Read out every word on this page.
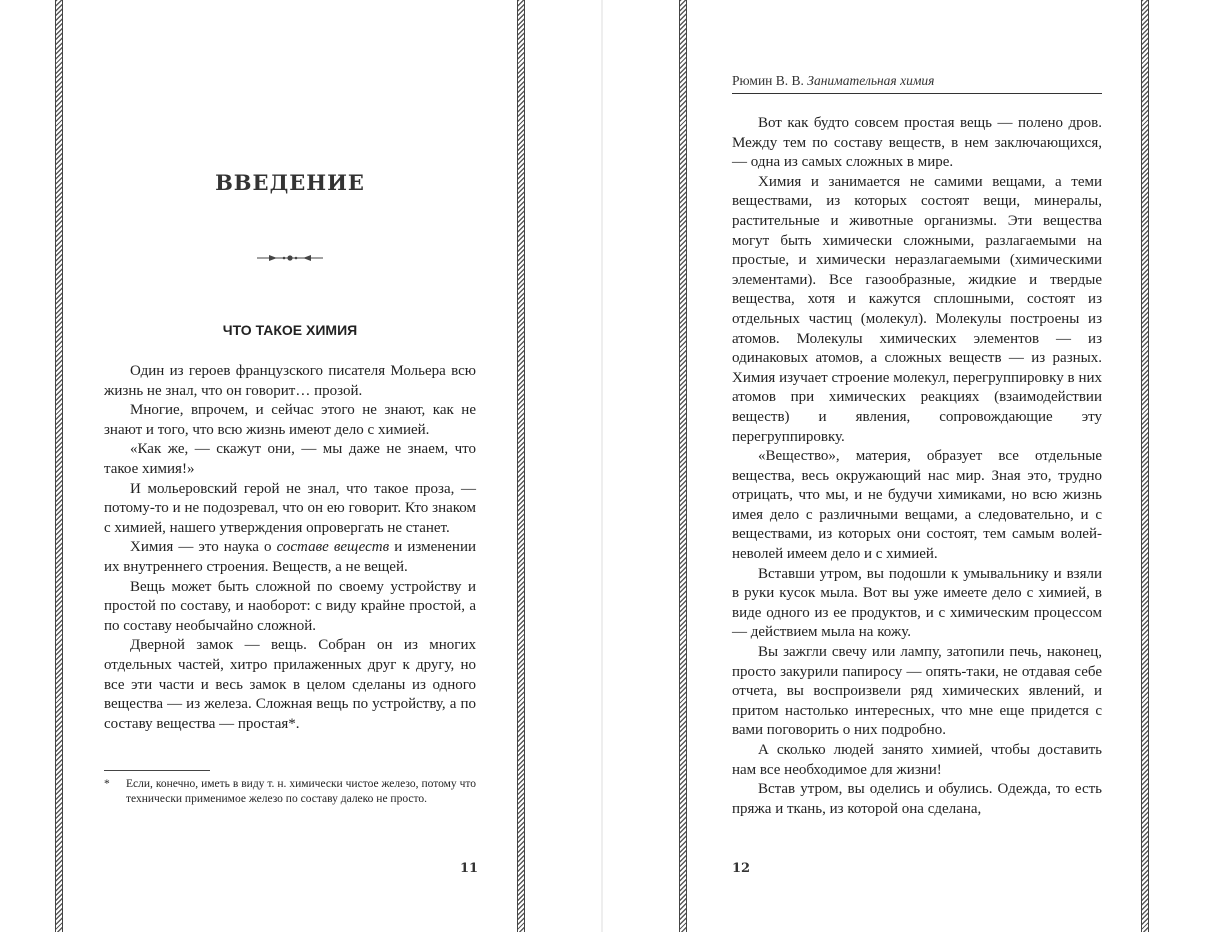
ВВЕДЕНИЕ
ЧТО ТАКОЕ ХИМИЯ

Один из героев французского писателя Мольера всю жизнь не знал, что он говорит… прозой.

Многие, впрочем, и сейчас этого не знают, как не знают и того, что всю жизнь имеют дело с химией.

«Как же, — скажут они, — мы даже не знаем, что такое химия!»

И мольеровский герой не знал, что такое проза, — потому-то и не подозревал, что он ею говорит. Кто знаком с химией, нашего утверждения опровергать не станет.

Химия — это наука о составе веществ и изменении их внутреннего строения. Веществ, а не вещей.

Вещь может быть сложной по своему устройству и простой по составу, и наоборот: с виду крайне простой, а по составу необычайно сложной.

Дверной замок — вещь. Собран он из многих отдельных частей, хитро прилаженных друг к другу, но все эти части и весь замок в целом сделаны из одного вещества — из железа. Сложная вещь по устройству, а по составу вещества — простая*.

* Если, конечно, иметь в виду т. н. химически чистое железо, потому что технически применимое железо по составу далеко не просто.
11
Рюмин В. В. Занимательная химия

Вот как будто совсем простая вещь — полено дров. Между тем по составу веществ, в нем заключающихся, — одна из самых сложных в мире.

Химия и занимается не самими вещами, а теми веществами, из которых состоят вещи, минералы, растительные и животные организмы. Эти вещества могут быть химически сложными, разлагаемыми на простые, и химически неразлагаемыми (химическими элементами). Все газообразные, жидкие и твердые вещества, хотя и кажутся сплошными, состоят из отдельных частиц (молекул). Молекулы построены из атомов. Молекулы химических элементов — из одинаковых атомов, а сложных веществ — из разных. Химия изучает строение молекул, перегруппировку в них атомов при химических реакциях (взаимодействии веществ) и явления, сопровождающие эту перегруппировку.

«Вещество», материя, образует все отдельные вещества, весь окружающий нас мир. Зная это, трудно отрицать, что мы, и не будучи химиками, но всю жизнь имея дело с различными вещами, а следовательно, и с веществами, из которых они состоят, тем самым волей-неволей имеем дело и с химией.

Вставши утром, вы подошли к умывальнику и взяли в руки кусок мыла. Вот вы уже имеете дело с химией, в виде одного из ее продуктов, и с химическим процессом — действием мыла на кожу.

Вы зажгли свечу или лампу, затопили печь, наконец, просто закурили папиросу — опять-таки, не отдавая себе отчета, вы воспроизвели ряд химических явлений, и притом настолько интересных, что мне еще придется с вами поговорить о них подробно.

А сколько людей занято химией, чтобы доставить нам все необходимое для жизни!

Встав утром, вы оделись и обулись. Одежда, то есть пряжа и ткань, из которой она сделана,

12
